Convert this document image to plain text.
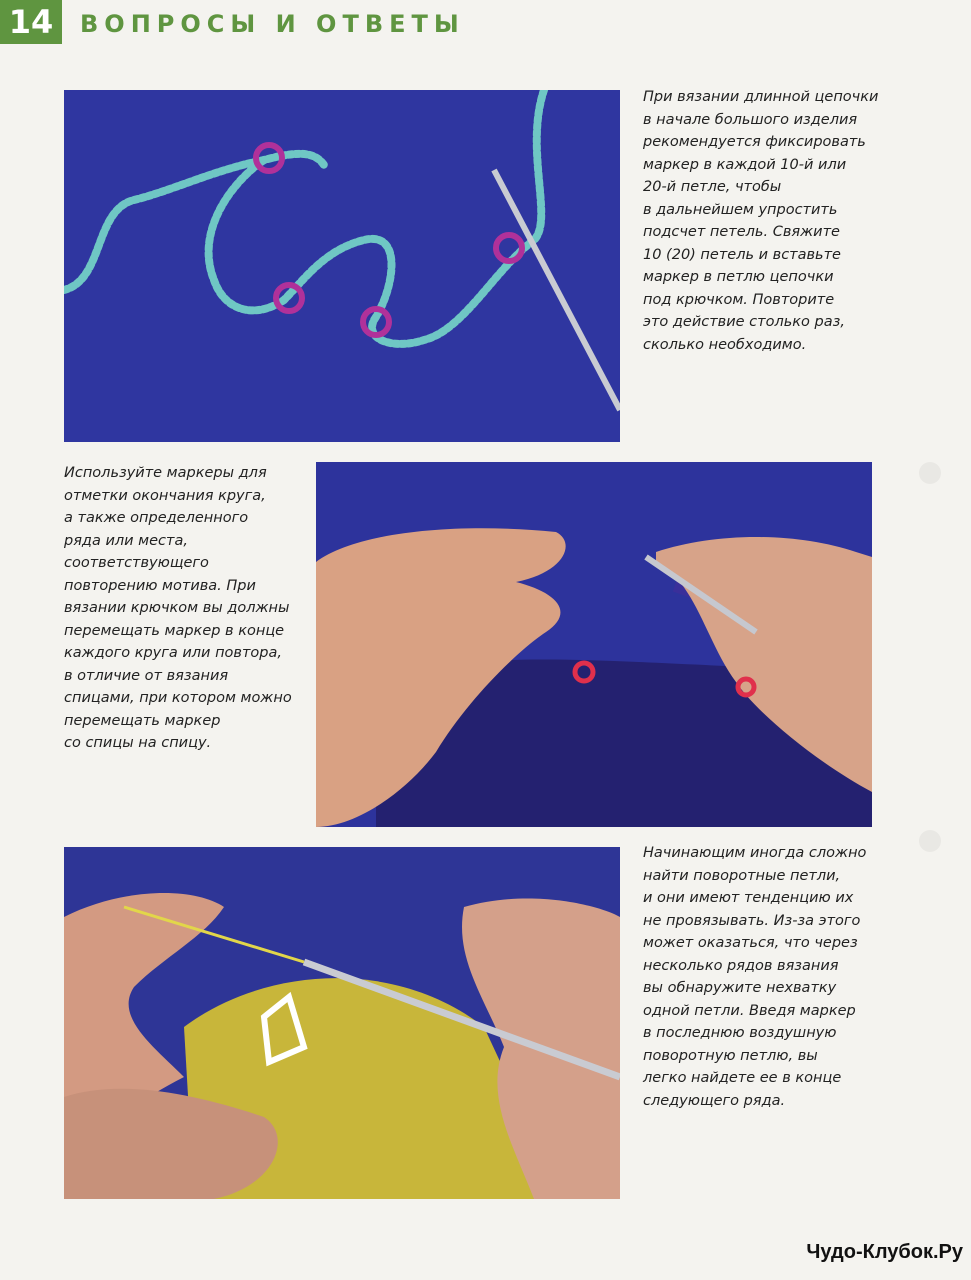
14	ВОПРОСЫ И ОТВЕТЫ
При вязании длинной цепочки
в начале большого изделия
рекомендуется фиксировать
маркер в каждой 10-й или
20-й петле, чтобы
в дальнейшем упростить
подсчет петель. Свяжите
10 (20) петель и вставьте
маркер в петлю цепочки
под крючком. Повторите
это действие столько раз,
сколько необходимо.
Используйте маркеры для
отметки окончания круга,
а также определенного
ряда или места,
соответствующего
повторению мотива. При
вязании крючком вы должны
перемещать маркер в конце
каждого круга или повтора,
в отличие от вязания
спицами, при котором можно
перемещать маркер
со спицы на спицу.
Начинающим иногда сложно
найти поворотные петли,
и они имеют тенденцию их
не провязывать. Из-за этого
может оказаться, что через
несколько рядов вязания
вы обнаружите нехватку
одной петли. Введя маркер
в последнюю воздушную
поворотную петлю, вы
легко найдете ее в конце
следующего ряда.
Чудо-Клубок.Ру
